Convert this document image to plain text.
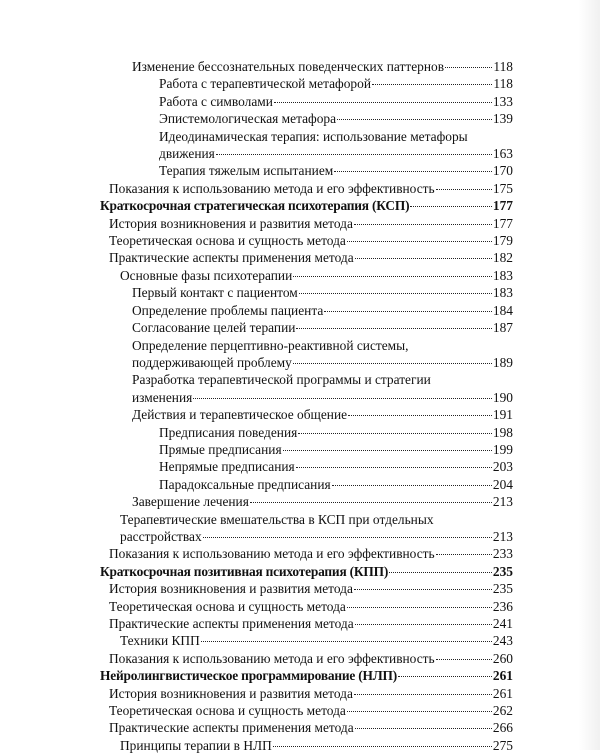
Изменение бессознательных поведенческих паттернов	118
Работа с терапевтической метафорой	118
Работа с символами	133
Эпистемологическая метафора	139
Идеодинамическая терапия: использование метафоры
движения	163
Терапия тяжелым испытанием	170
Показания к использованию метода и его эффективность	175
Краткосрочная стратегическая психотерапия (КСП)	177
История возникновения и развития метода	177
Теоретическая основа и сущность метода	179
Практические аспекты применения метода	182
Основные фазы психотерапии	183
Первый контакт с пациентом	183
Определение проблемы пациента	184
Согласование целей терапии	187
Определение перцептивно-реактивной системы,
поддерживающей проблему	189
Разработка терапевтической программы и стратегии
изменения	190
Действия и терапевтическое общение	191
Предписания поведения	198
Прямые предписания	199
Непрямые предписания	203
Парадоксальные предписания	204
Завершение лечения	213
Терапевтические вмешательства в КСП при отдельных
расстройствах	213
Показания к использованию метода и его эффективность	233
Краткосрочная позитивная психотерапия (КПП)	235
История возникновения и развития метода	235
Теоретическая основа и сущность метода	236
Практические аспекты применения метода	241
Техники КПП	243
Показания к использованию метода и его эффективность	260
Нейролингвистическое программирование (НЛП)	261
История возникновения и развития метода	261
Теоретическая основа и сущность метода	262
Практические аспекты применения метода	266
Принципы терапии в НЛП	275
